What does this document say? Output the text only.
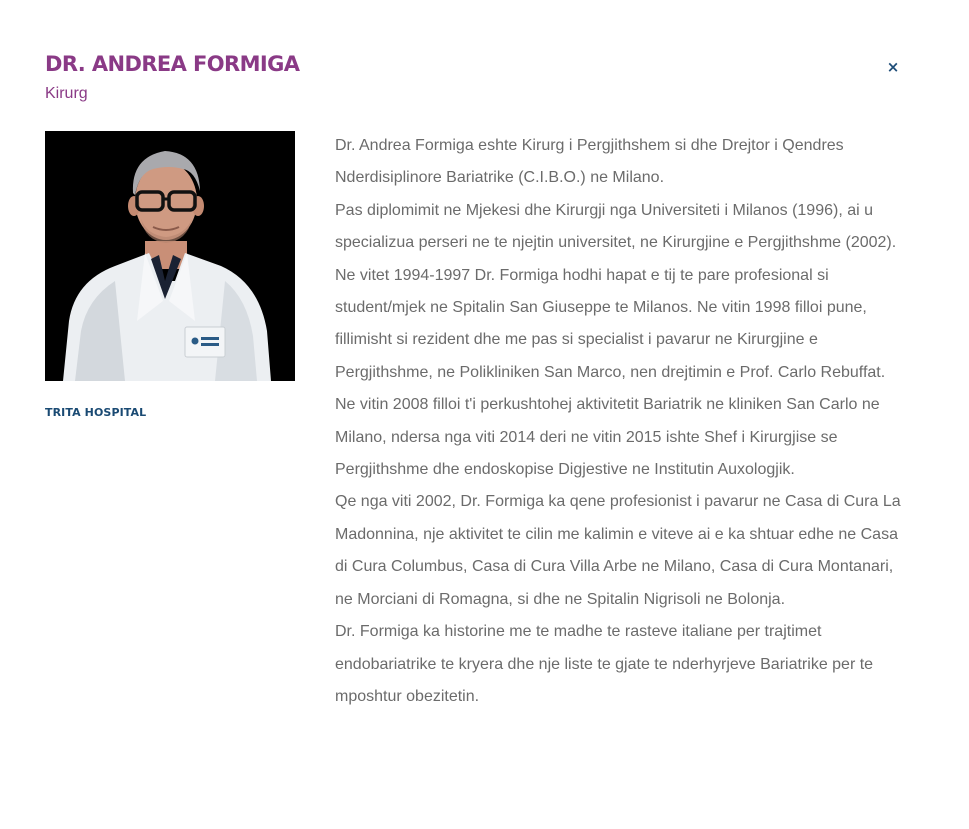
DR. ANDREA FORMIGA

Kirurg

×

TRITA HOSPITAL

Dr. Andrea Formiga eshte Kirurg i Pergjithshem si dhe Drejtor i Qendres Nderdisiplinore Bariatrike (C.I.B.O.) ne Milano.

Pas diplomimit ne Mjekesi dhe Kirurgji nga Universiteti i Milanos (1996), ai u specializua perseri ne te njejtin universitet, ne Kirurgjine e Pergjithshme (2002).

Ne vitet 1994-1997 Dr. Formiga hodhi hapat e tij te pare profesional si student/mjek ne Spitalin San Giuseppe te Milanos. Ne vitin 1998 filloi pune, fillimisht si rezident dhe me pas si specialist i pavarur ne Kirurgjine e Pergjithshme, ne Polikliniken San Marco, nen drejtimin e Prof. Carlo Rebuffat.

Ne vitin 2008 filloi t'i perkushtohej aktivitetit Bariatrik ne kliniken San Carlo ne Milano, ndersa nga viti 2014 deri ne vitin 2015 ishte Shef i Kirurgjise se Pergjithshme dhe endoskopise Digjestive ne Institutin Auxologjik.

Qe nga viti 2002, Dr. Formiga ka qene profesionist i pavarur ne Casa di Cura La Madonnina, nje aktivitet te cilin me kalimin e viteve ai e ka shtuar edhe ne Casa di Cura Columbus, Casa di Cura Villa Arbe ne Milano, Casa di Cura Montanari, ne Morciani di Romagna, si dhe ne Spitalin Nigrisoli ne Bolonja.

Dr. Formiga ka historine me te madhe te rasteve italiane per trajtimet endobariatrike te kryera dhe nje liste te gjate te nderhyrjeve Bariatrike per te mposhtur obezitetin.
